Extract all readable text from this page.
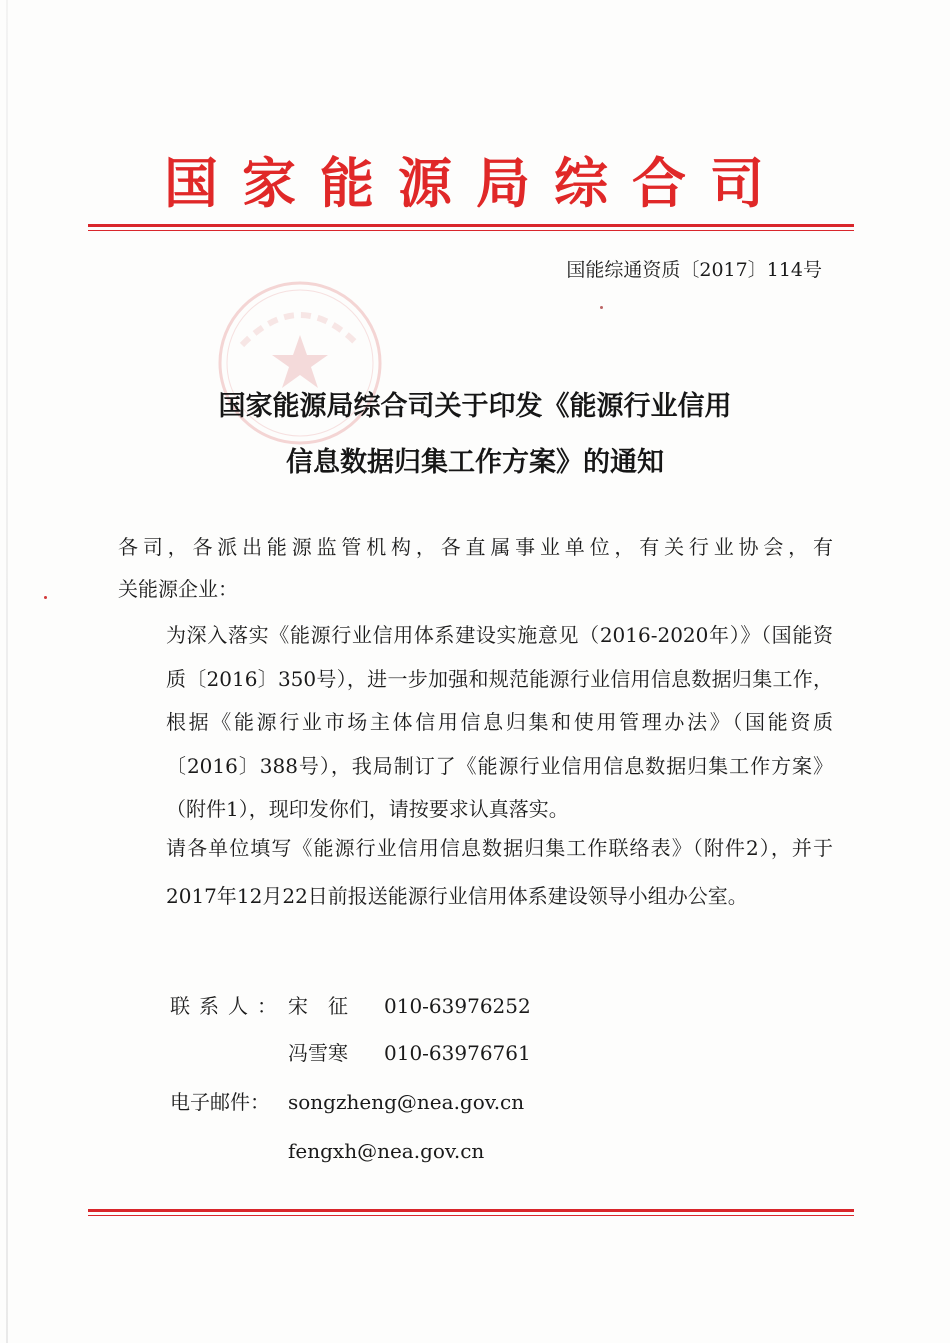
国家能源局综合司
国能综通资质〔2017〕114号
国家能源局综合司关于印发《能源行业信用
信息数据归集工作方案》的通知
各司，各派出能源监管机构，各直属事业单位，有关行业协会，有
关能源企业：
为深入落实《能源行业信用体系建设实施意见（2016-2020年）》（国能资质〔2016〕350号），进一步加强和规范能源行业信用信息数据归集工作，根据《能源行业市场主体信用信息归集和使用管理办法》（国能资质〔2016〕388号），我局制订了《能源行业信用信息数据归集工作方案》（附件1），现印发你们，请按要求认真落实。
请各单位填写《能源行业信用信息数据归集工作联络表》（附件2），并于2017年12月22日前报送能源行业信用体系建设领导小组办公室。
联系人： 宋　征 010-63976252
冯雪寒 010-63976761
电子邮件： songzheng@nea.gov.cn
fengxh@nea.gov.cn
